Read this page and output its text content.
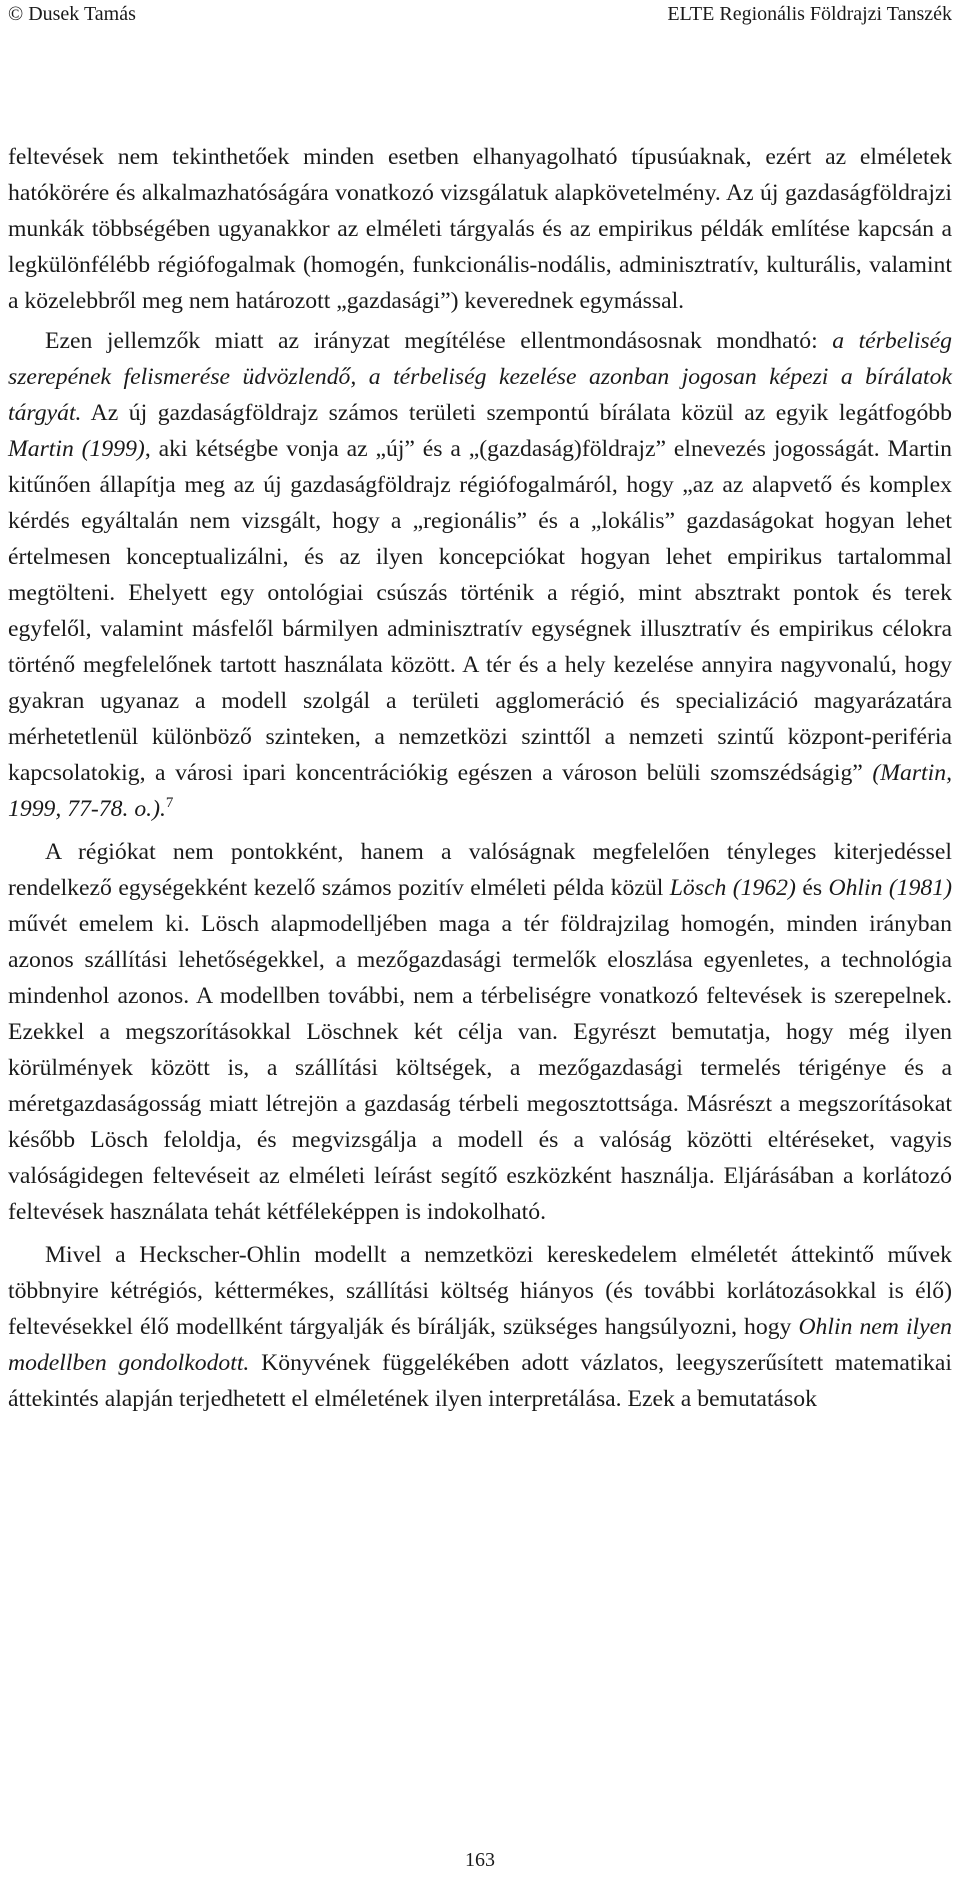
© Dusek Tamás	ELTE Regionális Földrajzi Tanszék

feltevések nem tekinthetőek minden esetben elhanyagolható típusúaknak, ezért az elméletek hatókörére és alkalmazhatóságára vonatkozó vizsgálatuk alapkövetelmény. Az új gazdaságföldrajzi munkák többségében ugyanakkor az elméleti tárgyalás és az empirikus példák említése kapcsán a legkülönfélébb régiófogalmak (homogén, funkcionális-nodális, adminisztratív, kulturális, valamint a közelebbről meg nem határozott „gazdasági”) keverednek egymással.

Ezen jellemzők miatt az irányzat megítélése ellentmondásosnak mondható: a térbeliség szerepének felismerése üdvözlendő, a térbeliség kezelése azonban jogosan képezi a bírálatok tárgyát. Az új gazdaságföldrajz számos területi szempontú bírálata közül az egyik legátfogóbb Martin (1999), aki kétségbe vonja az „új” és a „(gazdaság)földrajz” elnevezés jogosságát. Martin kitűnően állapítja meg az új gazdaságföldrajz régiófogalmáról, hogy „az az alapvető és komplex kérdés egyáltalán nem vizsgált, hogy a „regionális” és a „lokális” gazdaságokat hogyan lehet értelmesen konceptualizálni, és az ilyen koncepciókat hogyan lehet empirikus tartalommal megtölteni. Ehelyett egy ontológiai csúszás történik a régió, mint absztrakt pontok és terek egyfelől, valamint másfelől bármilyen adminisztratív egységnek illusztratív és empirikus célokra történő megfelelőnek tartott használata között. A tér és a hely kezelése annyira nagyvonalú, hogy gyakran ugyanaz a modell szolgál a területi agglomeráció és specializáció magyarázatára mérhetetlenül különböző szinteken, a nemzetközi szinttől a nemzeti szintű központ-periféria kapcsolatokig, a városi ipari koncentrációkig egészen a városon belüli szomszédságig” (Martin, 1999, 77-78. o.).$^7$

A régiókat nem pontokként, hanem a valóságnak megfelelően tényleges kiterjedéssel rendelkező egységekként kezelő számos pozitív elméleti példa közül Lösch (1962) és Ohlin (1981) művét emelem ki. Lösch alapmodelljében maga a tér földrajzilag homogén, minden irányban azonos szállítási lehetőségekkel, a mezőgazdasági termelők eloszlása egyenletes, a technológia mindenhol azonos. A modellben további, nem a térbeliségre vonatkozó feltevések is szerepelnek. Ezekkel a megszorításokkal Löschnek két célja van. Egyrészt bemutatja, hogy még ilyen körülmények között is, a szállítási költségek, a mezőgazdasági termelés térigénye és a méretgazdaságosság miatt létrejön a gazdaság térbeli megosztottsága. Másrészt a megszorításokat később Lösch feloldja, és megvizsgálja a modell és a valóság közötti eltéréseket, vagyis valóságidegen feltevéseit az elméleti leírást segítő eszközként használja. Eljárásában a korlátozó feltevések használata tehát kétféleképpen is indokolható.

Mivel a Heckscher-Ohlin modellt a nemzetközi kereskedelem elméletét áttekintő művek többnyire kétrégiós, kéttermékes, szállítási költség hiányos (és további korlátozásokkal is élő) feltevésekkel élő modellként tárgyalják és bírálják, szükséges hangsúlyozni, hogy Ohlin nem ilyen modellben gondolkodott. Könyvének függelékében adott vázlatos, leegyszerűsített matematikai áttekintés alapján terjedhetett el elméletének ilyen interpretálása. Ezek a bemutatások

163
